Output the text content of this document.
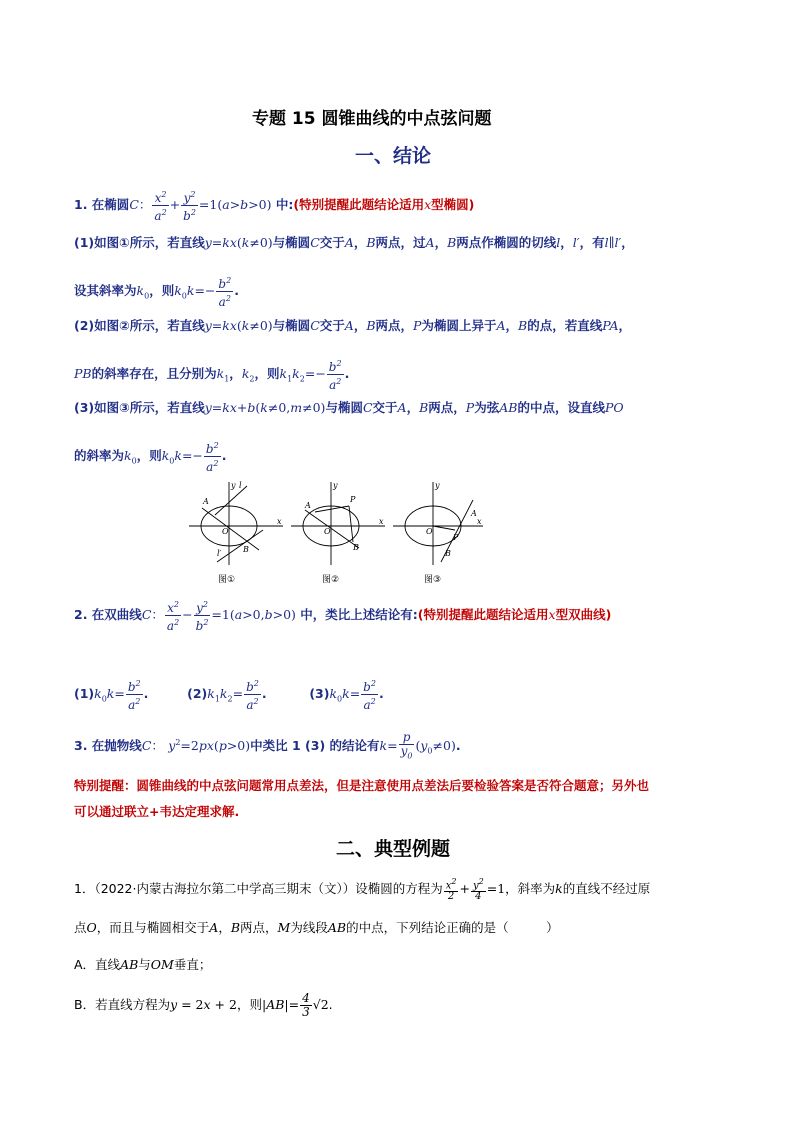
专题 15 圆锥曲线的中点弦问题
一、结论
1. 在椭圆C： $\frac{x^2}{a^2} + \frac{y^2}{b^2} =1(a>b>0)$ 中:(特别提醒此题结论适用x型椭圆)
(1)如图①所示，若直线y=kx(k≠0)与椭圆C交于A，B两点，过A，B两点作椭圆的切线l，l′，有l∥l′，
设其斜率为$k_0$，则$k_0k=- \frac{b^2}{a^2}$ .
(2)如图②所示，若直线y=kx(k≠0)与椭圆C交于A，B两点，P为椭圆上异于A，B的点，若直线PA，
PB的斜率存在，且分别为$k_1$，$k_2$，则$k_1k_2=- \frac{b^2}{a^2}$ .
(3)如图③所示，若直线y=kx+b(k≠0,m≠0)与椭圆C交于A，B两点，P为弦AB的中点，设直线PO
的斜率为$k_0$，则$k_0k=- \frac{b^2}{a^2}$ .
y
x
O
A
B
l
l′
y
x
O
A
B
P
y
x
O
A
B
P
图①	图②	图③
2. 在双曲线C： $\frac{x^2}{a^2} - \frac{y^2}{b^2} =1(a>0,b>0)$ 中，类比上述结论有:(特别提醒此题结论适用x型双曲线)
$(1)k_0k= \frac{b^2}{a^2}$ .	$(2)k_1k_2= \frac{b^2}{a^2}$ .	$(3)k_0k= \frac{b^2}{a^2}$ .
3. 在抛物线C： $y^2=2px(p>0)$中类比 1 (3) 的结论有$k= \frac{p}{y_0} (y_0\ne 0)$.
特别提醒：圆锥曲线的中点弦问题常用点差法，但是注意使用点差法后要检验答案是否符合题意；另外也
可以通过联立+韦达定理求解.
二、典型例题
1．（2022·内蒙古海拉尔第二中学高三期末（文））设椭圆的方程为 $\frac{x^2}{2} + \frac{y^2}{4} =1$，斜率为k的直线不经过原
点O，而且与椭圆相交于A，B两点，M为线段AB的中点，下列结论正确的是（　　　）
A．直线AB与OM垂直；
B．若直线方程为y = 2x + 2，则$|AB|= \frac{4}{3} √2$.
